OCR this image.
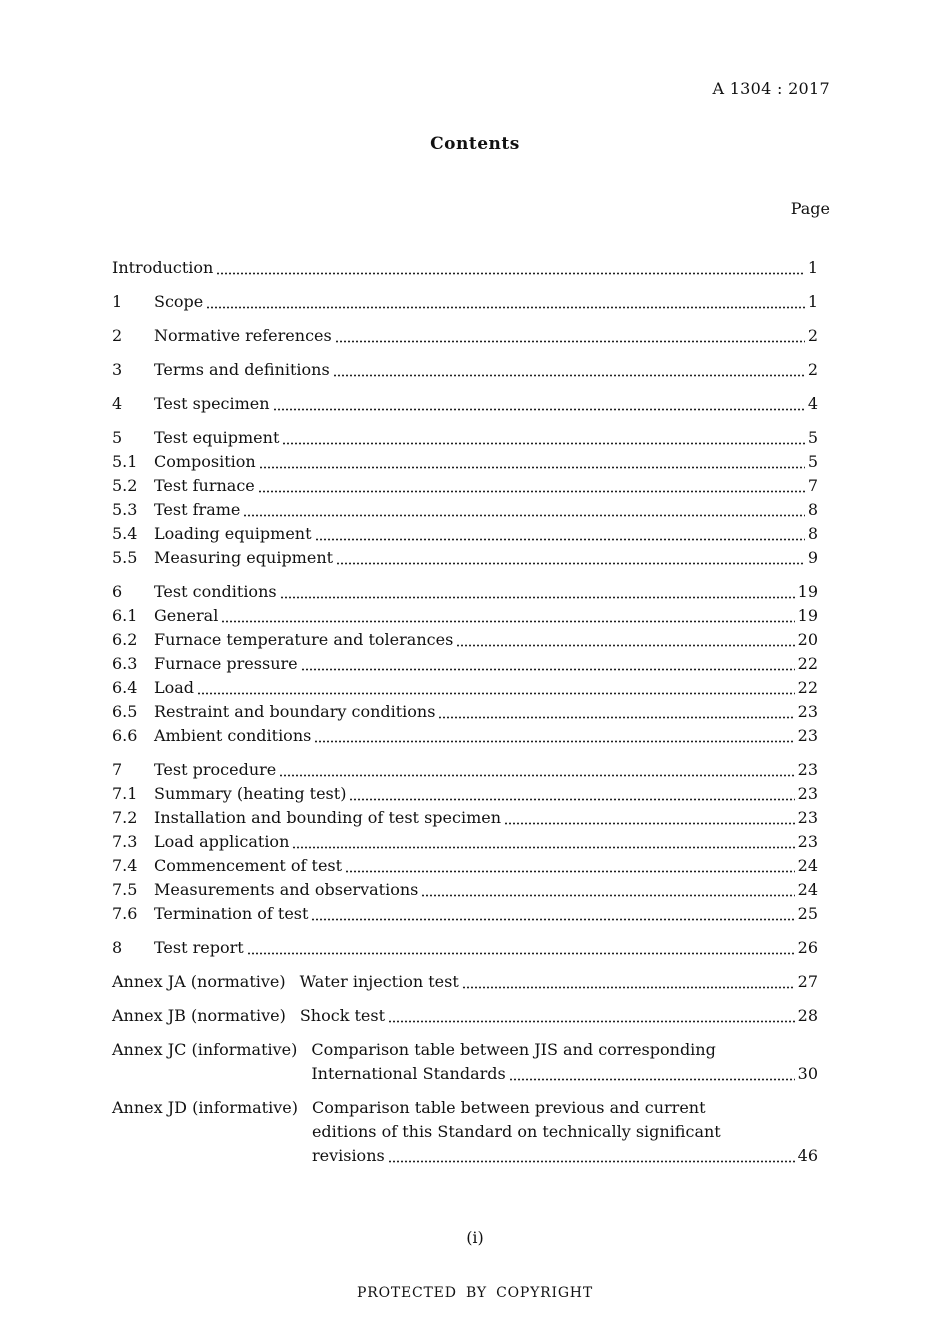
A 1304 : 2017
Contents
Page
Introduction	1
1	Scope	1
2	Normative references	2
3	Terms and definitions	2
4	Test specimen	4
5	Test equipment	5
5.1	Composition	5
5.2	Test furnace	7
5.3	Test frame	8
5.4	Loading equipment	8
5.5	Measuring equipment	9
6	Test conditions	19
6.1	General	19
6.2	Furnace temperature and tolerances	20
6.3	Furnace pressure	22
6.4	Load	22
6.5	Restraint and boundary conditions	23
6.6	Ambient conditions	23
7	Test procedure	23
7.1	Summary (heating test)	23
7.2	Installation and bounding of test specimen	23
7.3	Load application	23
7.4	Commencement of test	24
7.5	Measurements and observations	24
7.6	Termination of test	25
8	Test report	26
Annex JA (normative) Water injection test	27
Annex JB (normative) Shock test	28
Annex JC (informative) Comparison table between JIS and corresponding
International Standards	30
Annex JD (informative) Comparison table between previous and current
editions of this Standard on technically significant
revisions	46
(i)
PROTECTED BY COPYRIGHT
